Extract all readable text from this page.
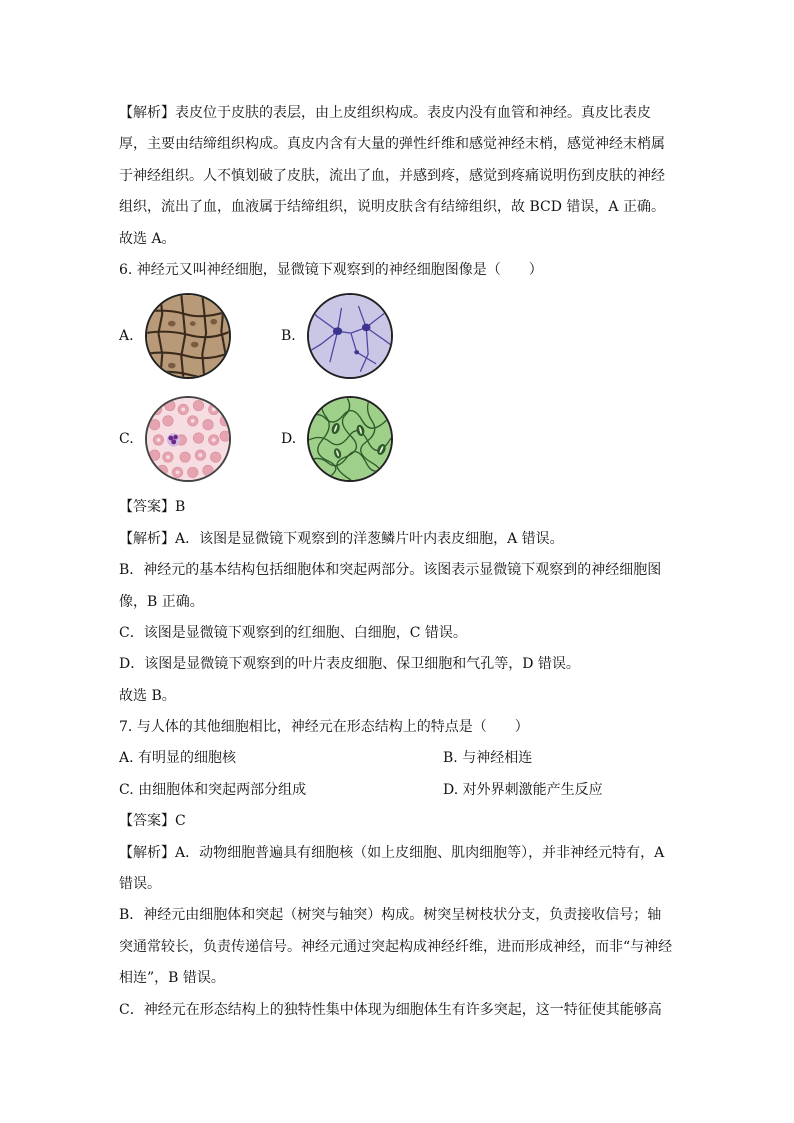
【解析】表皮位于皮肤的表层，由上皮组织构成。表皮内没有血管和神经。真皮比表皮
厚，主要由结缔组织构成。真皮内含有大量的弹性纤维和感觉神经末梢，感觉神经末梢属
于神经组织。人不慎划破了皮肤，流出了血，并感到疼，感觉到疼痛说明伤到皮肤的神经
组织，流出了血，血液属于结缔组织，说明皮肤含有结缔组织，故 BCD 错误，A 正确。
故选 A。
6. 神经元又叫神经细胞，显微镜下观察到的神经细胞图像是（　　）
A.	B.
C.	D.
【答案】B
【解析】A．该图是显微镜下观察到的洋葱鳞片叶内表皮细胞，A 错误。
B．神经元的基本结构包括细胞体和突起两部分。该图表示显微镜下观察到的神经细胞图
像，B 正确。
C．该图是显微镜下观察到的红细胞、白细胞，C 错误。
D．该图是显微镜下观察到的叶片表皮细胞、保卫细胞和气孔等，D 错误。
故选 B。
7. 与人体的其他细胞相比，神经元在形态结构上的特点是（　　）
A. 有明显的细胞核	B. 与神经相连
C. 由细胞体和突起两部分组成	D. 对外界刺激能产生反应
【答案】C
【解析】A．动物细胞普遍具有细胞核（如上皮细胞、肌肉细胞等），并非神经元特有，A
错误。
B．神经元由细胞体和突起（树突与轴突）构成。树突呈树枝状分支，负责接收信号；轴
突通常较长，负责传递信号。神经元通过突起构成神经纤维，进而形成神经，而非“与神经
相连”，B 错误。
C．神经元在形态结构上的独特性集中体现为细胞体生有许多突起，这一特征使其能够高
